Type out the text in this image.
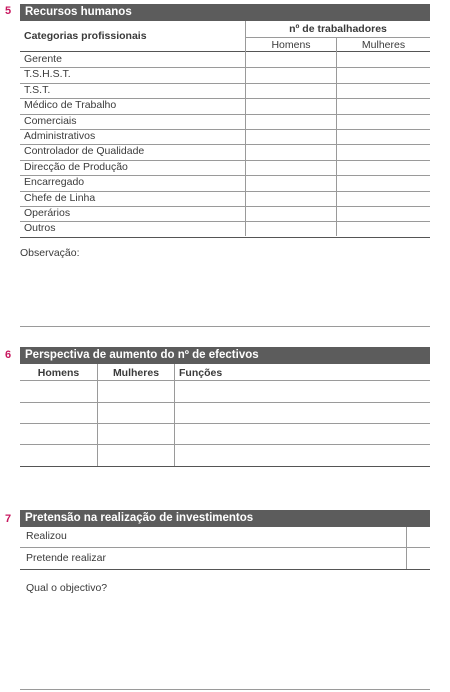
5	Recursos humanos
Categorias profissionais
nº de trabalhadores
Homens	Mulheres
Gerente
T.S.H.S.T.
T.S.T.
Médico de Trabalho
Comerciais
Administrativos
Controlador de Qualidade
Direcção de Produção
Encarregado
Chefe de Linha
Operários
Outros
Observação:
6	Perspectiva de aumento do nº de efectivos
Homens	Mulheres	Funções
7	Pretensão na realização de investimentos
Realizou
Pretende realizar
Qual o objectivo?
